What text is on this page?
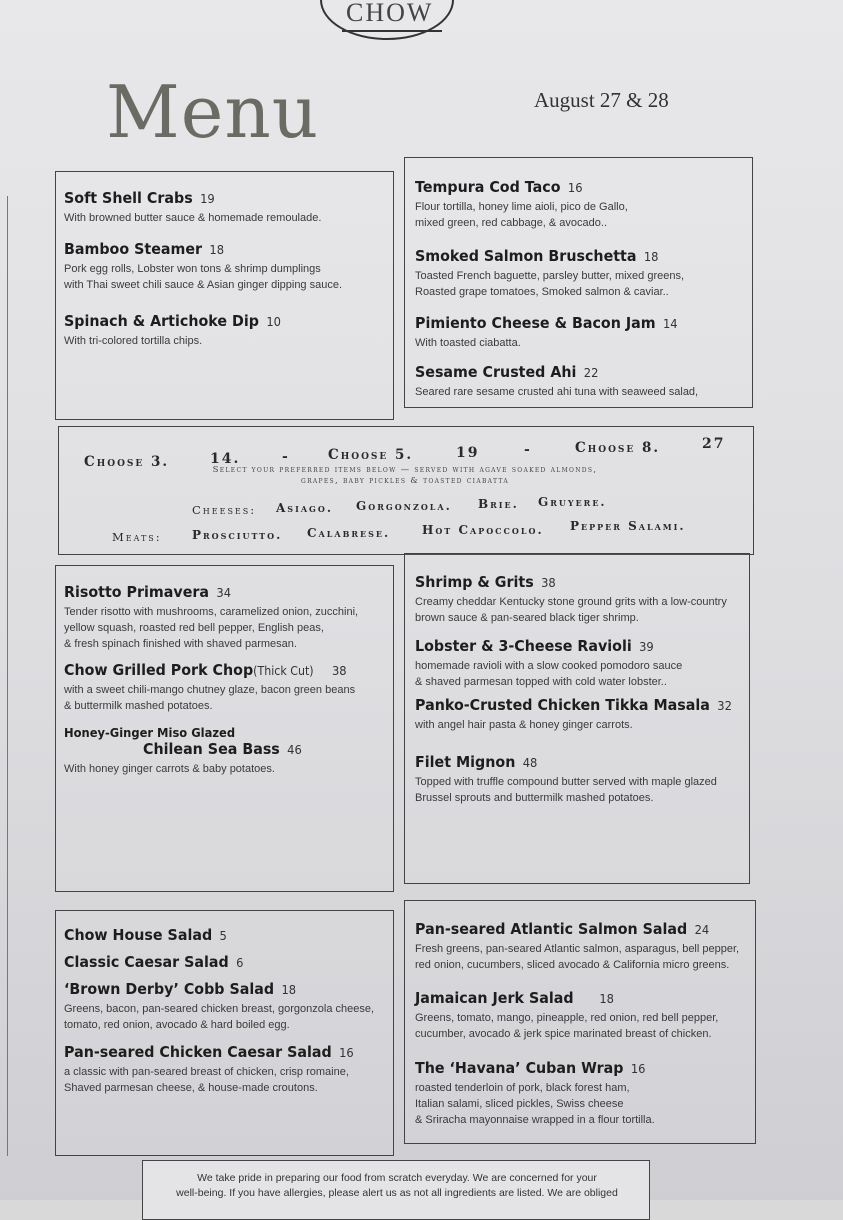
CHOW
Menu	August 27 & 28
Soft Shell Crabs 19
With browned butter sauce & homemade remoulade.
Bamboo Steamer 18
Pork egg rolls, Lobster won tons & shrimp dumplings
with Thai sweet chili sauce & Asian ginger dipping sauce.
Spinach & Artichoke Dip 10
With tri-colored tortilla chips.
Tempura Cod Taco 16
Flour tortilla, honey lime aioli, pico de Gallo,
mixed green, red cabbage, & avocado..
Smoked Salmon Bruschetta 18
Toasted French baguette, parsley butter, mixed greens,
Roasted grape tomatoes, Smoked salmon & caviar..
Pimiento Cheese & Bacon Jam 14
With toasted ciabatta.
Sesame Crusted Ahi 22
Seared rare sesame crusted ahi tuna with seaweed salad,
Choose 3.	14.	-	Choose 5.	19	-	Choose 8.	27
Select your preferred items below — served with agave soaked almonds,
grapes, baby pickles & toasted ciabatta
Cheeses: Asiago. Gorgonzola. Brie. Gruyere.
Meats:	Prosciutto. Calabrese.	Hot Capoccolo. Pepper Salami.
Risotto Primavera 34
Tender risotto with mushrooms, caramelized onion, zucchini,
yellow squash, roasted red bell pepper, English peas,
& fresh spinach finished with shaved parmesan.
Chow Grilled Pork Chop(Thick Cut) 38
with a sweet chili-mango chutney glaze, bacon green beans
& buttermilk mashed potatoes.
Honey-Ginger Miso Glazed
Chilean Sea Bass 46
With honey ginger carrots & baby potatoes.
Shrimp & Grits 38
Creamy cheddar Kentucky stone ground grits with a low-country
brown sauce & pan-seared black tiger shrimp.
Lobster & 3-Cheese Ravioli 39
homemade ravioli with a slow cooked pomodoro sauce
& shaved parmesan topped with cold water lobster..
Panko-Crusted Chicken Tikka Masala 32
with angel hair pasta & honey ginger carrots.
Filet Mignon 48
Topped with truffle compound butter served with maple glazed
Brussel sprouts and buttermilk mashed potatoes.
Chow House Salad 5
Classic Caesar Salad 6
‘Brown Derby’ Cobb Salad 18
Greens, bacon, pan-seared chicken breast, gorgonzola cheese,
tomato, red onion, avocado & hard boiled egg.
Pan-seared Chicken Caesar Salad 16
a classic with pan-seared breast of chicken, crisp romaine,
Shaved parmesan cheese, & house-made croutons.
Pan-seared Atlantic Salmon Salad 24
Fresh greens, pan-seared Atlantic salmon, asparagus, bell pepper,
red onion, cucumbers, sliced avocado & California micro greens.
Jamaican Jerk Salad 18
Greens, tomato, mango, pineapple, red onion, red bell pepper,
cucumber, avocado & jerk spice marinated breast of chicken.
The ‘Havana’ Cuban Wrap 16
roasted tenderloin of pork, black forest ham,
Italian salami, sliced pickles, Swiss cheese
& Sriracha mayonnaise wrapped in a flour tortilla.
We take pride in preparing our food from scratch everyday. We are concerned for your
well-being. If you have allergies, please alert us as not all ingredients are listed. We are obliged
